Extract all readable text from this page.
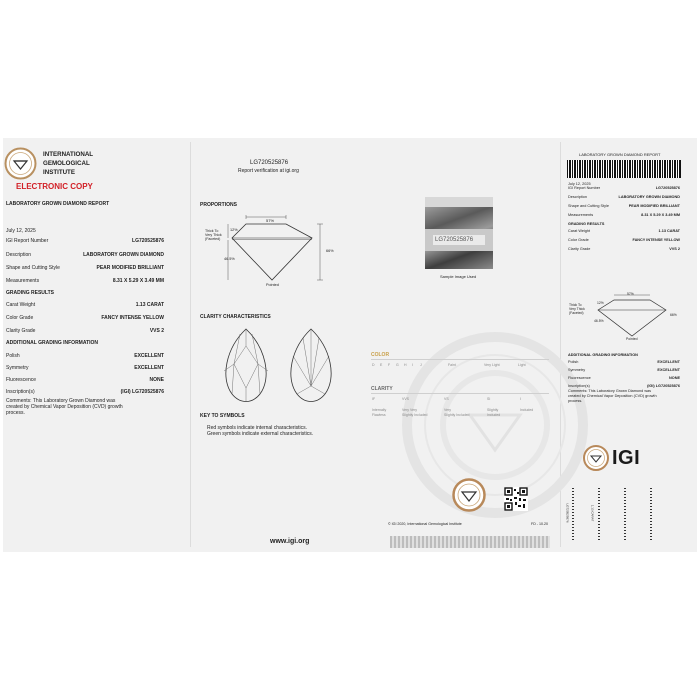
INTERNATIONAL
GEMOLOGICAL
INSTITUTE
ELECTRONIC COPY
LABORATORY GROWN DIAMOND REPORT
July 12, 2025
IGI Report Number	LG720525876
Description	LABORATORY GROWN DIAMOND
Shape and Cutting Style	PEAR MODIFIED BRILLIANT
Measurements	8.31 X 5.29 X 3.49 MM
GRADING RESULTS
Carat Weight	1.13 CARAT
Color Grade	FANCY INTENSE YELLOW
Clarity Grade	VVS 2
ADDITIONAL GRADING INFORMATION
Polish	EXCELLENT
Symmetry	EXCELLENT
Fluorescence	NONE
Inscription(s)	(IGI) LG720525876
Comments: This Laboratory Grown Diamond was
created by Chemical Vapor Deposition (CVD) growth
process.
LG720525876
Report verification at igi.org
PROPORTIONS
57%
Thick To
Very Thick
(Faceted)
12%
46.5%
66%
Pointed
LG720525876
Sample Image Used
CLARITY CHARACTERISTICS
KEY TO SYMBOLS
Red symbols indicate internal characteristics.
Green symbols indicate external characteristics.
www.igi.org
COLOR
D E F G H I J	Faint	Very Light	Light
CLARITY
IF	VVS	VS	SI	I
Internally	Very Very	Very	Slightly	Included
Flawless	Slightly Included	Slightly Included	Included
© IGI 2020, International Gemological Institute	FD - 10.20
LABORATORY GROWN DIAMOND REPORT
July 12, 2025
IGI Report Number	LG720525876
Description	LABORATORY GROWN DIAMOND
Shape and Cutting Style	PEAR MODIFIED BRILLIANT
Measurements	8.31 X 5.29 X 3.49 MM
GRADING RESULTS
Carat Weight	1.13 CARAT
Color Grade	FANCY INTENSE YELLOW
Clarity Grade	VVS 2
57%
Thick To
Very Thick
(Faceted)
12%
46.5%
66%
Pointed
ADDITIONAL GRADING INFORMATION
Polish	EXCELLENT
Symmetry	EXCELLENT
Fluorescence	NONE
Inscription(s)	(IGI) LG720525876
Comments: This Laboratory Grown Diamond was
created by Chemical Vapor Deposition (CVD) growth
process.
IGI
LG720525876	1.13 CARAT
